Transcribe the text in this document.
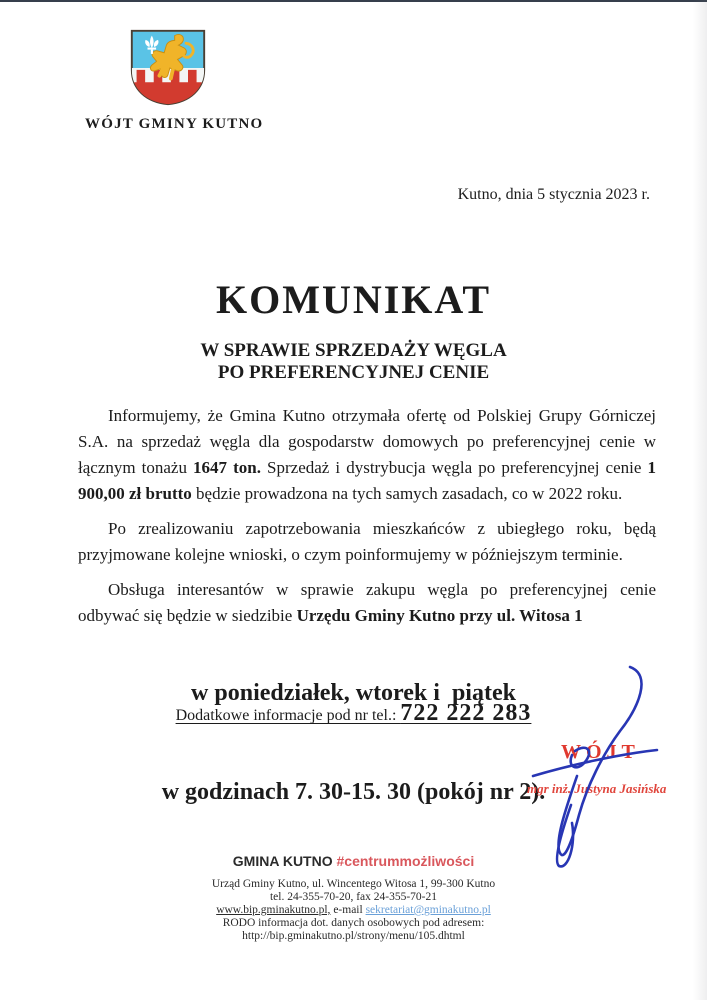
WÓJT GMINY KUTNO
Kutno, dnia 5 stycznia 2023 r.
KOMUNIKAT
W SPRAWIE SPRZEDAŻY WĘGLA
PO PREFERENCYJNEJ CENIE

Informujemy, że Gmina Kutno otrzymała ofertę od Polskiej Grupy Górniczej S.A. na sprzedaż węgla dla gospodarstw domowych po preferencyjnej cenie w łącznym tonażu 1647 ton. Sprzedaż i dystrybucja węgla po preferencyjnej cenie 1 900,00 zł brutto będzie prowadzona na tych samych zasadach, co w 2022 roku.

Po zrealizowaniu zapotrzebowania mieszkańców z ubiegłego roku, będą przyjmowane kolejne wnioski, o czym poinformujemy w późniejszym terminie.

Obsługa interesantów w sprawie zakupu węgla po preferencyjnej cenie odbywać się będzie w siedzibie Urzędu Gminy Kutno przy ul. Witosa 1

w poniedziałek, wtorek i  piątek

w godzinach 7. 30-15. 30 (pokój nr 2).

Dodatkowe informacje pod nr tel.: 722 222 283
WÓJT
mgr inż. Justyna Jasińska
GMINA KUTNO #centrummożliwości
Urząd Gminy Kutno, ul. Wincentego Witosa 1, 99-300 Kutno
tel. 24-355-70-20, fax 24-355-70-21
www.bip.gminakutno.pl, e-mail sekretariat@gminakutno.pl
RODO informacja dot. danych osobowych pod adresem:
http://bip.gminakutno.pl/strony/menu/105.dhtml
